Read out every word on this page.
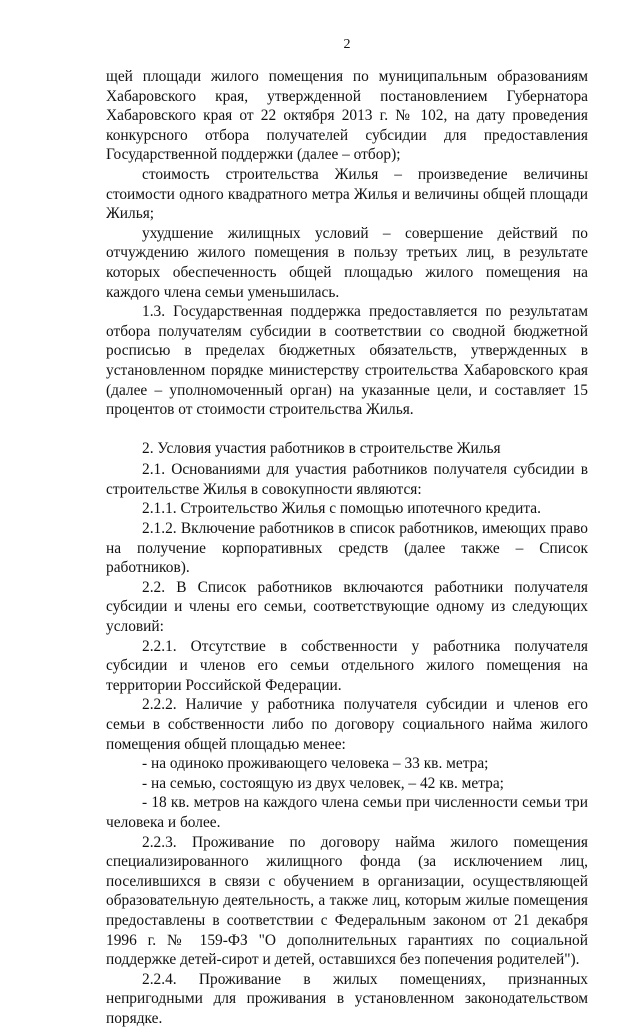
2

щей площади жилого помещения по муниципальным образованиям Хабаровского края, утвержденной постановлением Губернатора Хабаровского края от 22 октября 2013 г. № 102, на дату проведения конкурсного отбора получателей субсидии для предоставления Государственной поддержки (далее – отбор);

стоимость строительства Жилья – произведение величины стоимости одного квадратного метра Жилья и величины общей площади Жилья;

ухудшение жилищных условий – совершение действий по отчуждению жилого помещения в пользу третьих лиц, в результате которых обеспеченность общей площадью жилого помещения на каждого члена семьи уменьшилась.

1.3. Государственная поддержка предоставляется по результатам отбора получателям субсидии в соответствии со сводной бюджетной росписью в пределах бюджетных обязательств, утвержденных в установленном порядке министерству строительства Хабаровского края (далее – уполномоченный орган) на указанные цели, и составляет 15 процентов от стоимости строительства Жилья.

2. Условия участия работников в строительстве Жилья

2.1. Основаниями для участия работников получателя субсидии в строительстве Жилья в совокупности являются:

2.1.1. Строительство Жилья с помощью ипотечного кредита.

2.1.2. Включение работников в список работников, имеющих право на получение корпоративных средств (далее также – Список работников).

2.2. В Список работников включаются работники получателя субсидии и члены его семьи, соответствующие одному из следующих условий:

2.2.1. Отсутствие в собственности у работника получателя субсидии и членов его семьи отдельного жилого помещения на территории Российской Федерации.

2.2.2. Наличие у работника получателя субсидии и членов его семьи в собственности либо по договору социального найма жилого помещения общей площадью менее:

- на одиноко проживающего человека – 33 кв. метра;

- на семью, состоящую из двух человек, – 42 кв. метра;

- 18 кв. метров на каждого члена семьи при численности семьи три человека и более.

2.2.3. Проживание по договору найма жилого помещения специализированного жилищного фонда (за исключением лиц, поселившихся в связи с обучением в организации, осуществляющей образовательную деятельность, а также лиц, которым жилые помещения предоставлены в соответствии с Федеральным законом от 21 декабря 1996 г. № 159-ФЗ "О дополнительных гарантиях по социальной поддержке детей-сирот и детей, оставшихся без попечения родителей").

2.2.4. Проживание в жилых помещениях, признанных непригодными для проживания в установленном законодательством порядке.
